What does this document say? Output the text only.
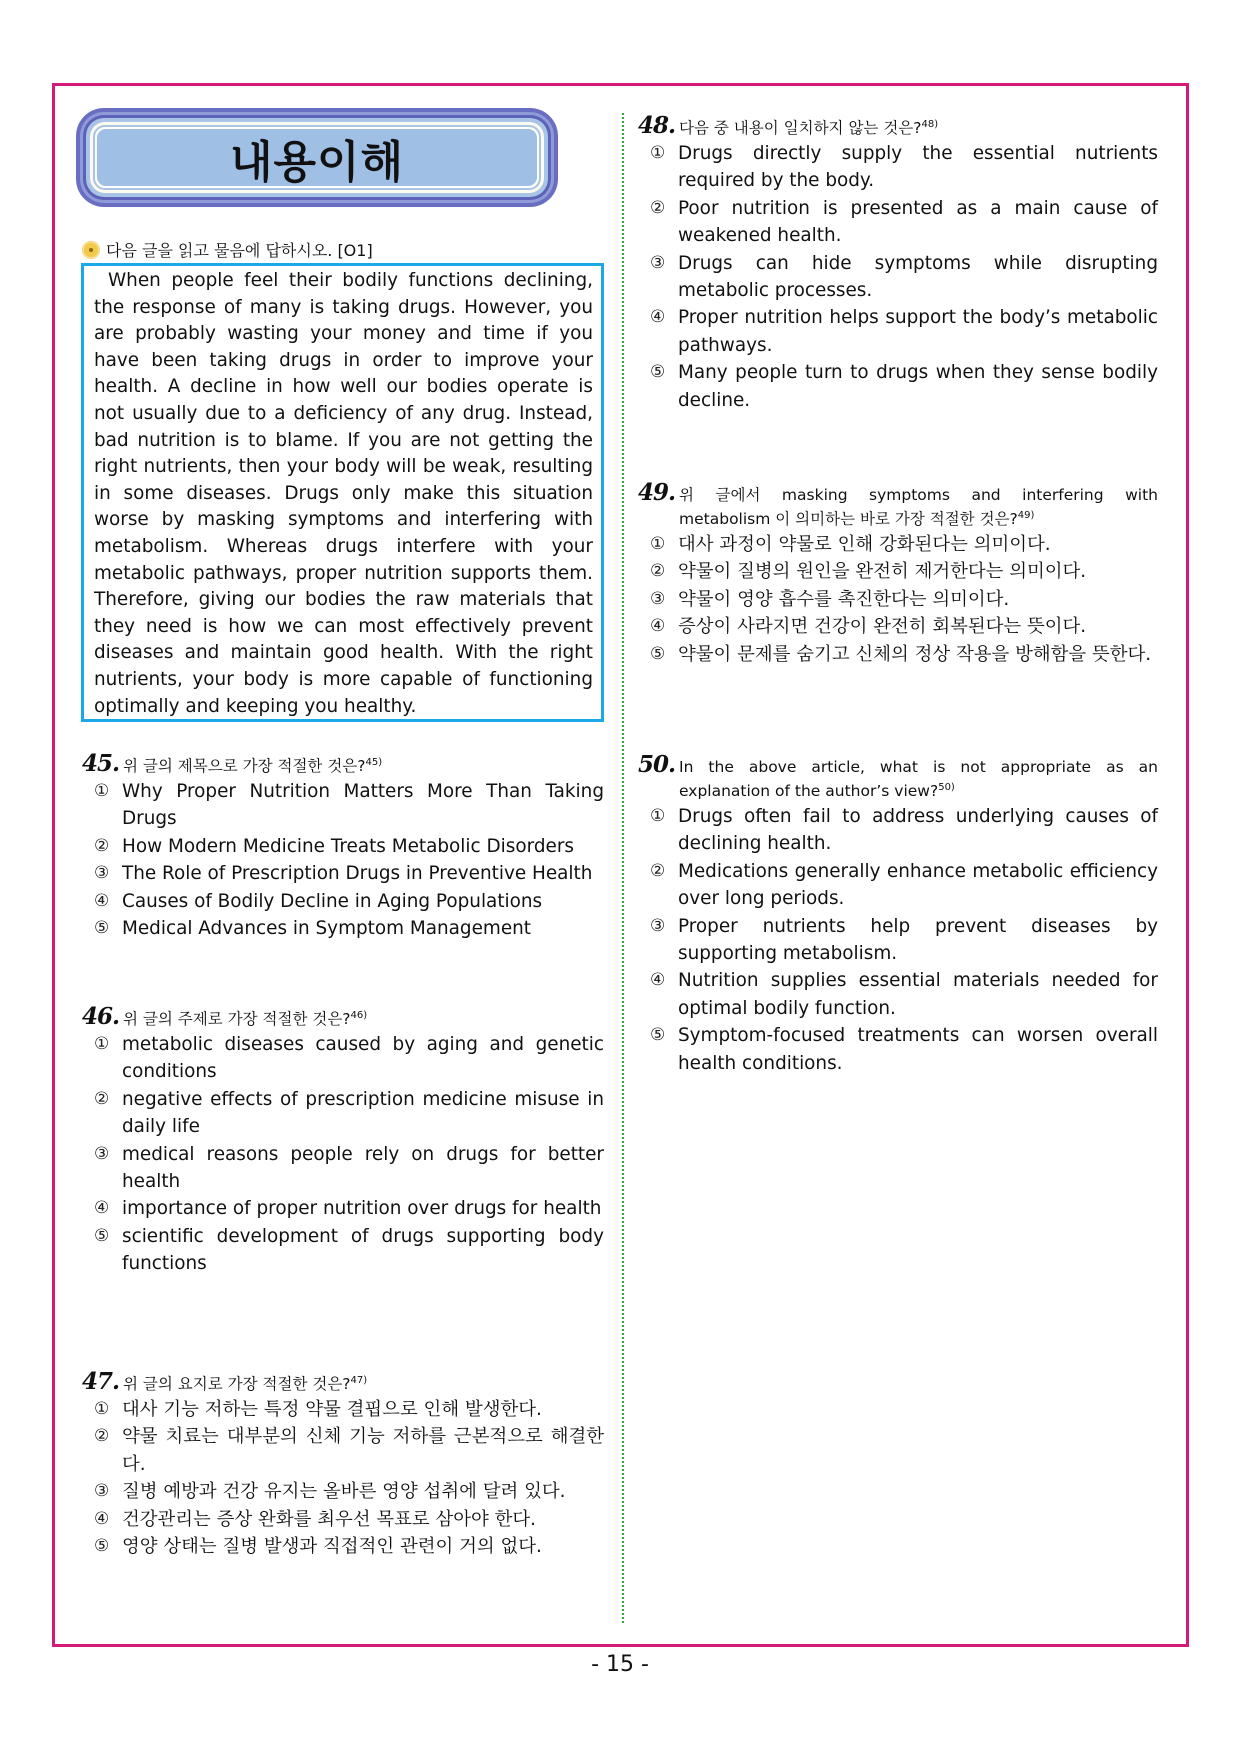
내용이해
다음 글을 읽고 물음에 답하시오. [O1]

When people feel their bodily functions declining, the response of many is taking drugs. However, you are probably wasting your money and time if you have been taking drugs in order to improve your health. A decline in how well our bodies operate is not usually due to a deficiency of any drug. Instead, bad nutrition is to blame. If you are not getting the right nutrients, then your body will be weak, resulting in some diseases. Drugs only make this situation worse by masking symptoms and interfering with metabolism. Whereas drugs interfere with your metabolic pathways, proper nutrition supports them. Therefore, giving our bodies the raw materials that they need is how we can most effectively prevent diseases and maintain good health. With the right nutrients, your body is more capable of functioning optimally and keeping you healthy.

45. 위 글의 제목으로 가장 적절한 것은?$^{45)}$
① Why Proper Nutrition Matters More Than Taking Drugs
② How Modern Medicine Treats Metabolic Disorders
③ The Role of Prescription Drugs in Preventive Health
④ Causes of Bodily Decline in Aging Populations
⑤ Medical Advances in Symptom Management
46. 위 글의 주제로 가장 적절한 것은?$^{46)}$
① metabolic diseases caused by aging and genetic conditions
② negative effects of prescription medicine misuse in daily life
③ medical reasons people rely on drugs for better health
④ importance of proper nutrition over drugs for health
⑤ scientific development of drugs supporting body functions
47. 위 글의 요지로 가장 적절한 것은?$^{47)}$
① 대사 기능 저하는 특정 약물 결핍으로 인해 발생한다.
② 약물 치료는 대부분의 신체 기능 저하를 근본적으로 해결한다.
③ 질병 예방과 건강 유지는 올바른 영양 섭취에 달려 있다.
④ 건강관리는 증상 완화를 최우선 목표로 삼아야 한다.
⑤ 영양 상태는 질병 발생과 직접적인 관련이 거의 없다.
48. 다음 중 내용이 일치하지 않는 것은?$^{48)}$
① Drugs directly supply the essential nutrients required by the body.
② Poor nutrition is presented as a main cause of weakened health.
③ Drugs can hide symptoms while disrupting metabolic processes.
④ Proper nutrition helps support the body’s metabolic pathways.
⑤ Many people turn to drugs when they sense bodily decline.
49. 위 글에서 masking symptoms and interfering with
metabolism 이 의미하는 바로 가장 적절한 것은?$^{49)}$
① 대사 과정이 약물로 인해 강화된다는 의미이다.
② 약물이 질병의 원인을 완전히 제거한다는 의미이다.
③ 약물이 영양 흡수를 촉진한다는 의미이다.
④ 증상이 사라지면 건강이 완전히 회복된다는 뜻이다.
⑤ 약물이 문제를 숨기고 신체의 정상 작용을 방해함을 뜻한다.
50. In the above article, what is not appropriate as an
explanation of the author’s view?$^{50)}$
① Drugs often fail to address underlying causes of declining health.
② Medications generally enhance metabolic efficiency over long periods.
③ Proper nutrients help prevent diseases by supporting metabolism.
④ Nutrition supplies essential materials needed for optimal bodily function.
⑤ Symptom-focused treatments can worsen overall health conditions.
- 15 -
